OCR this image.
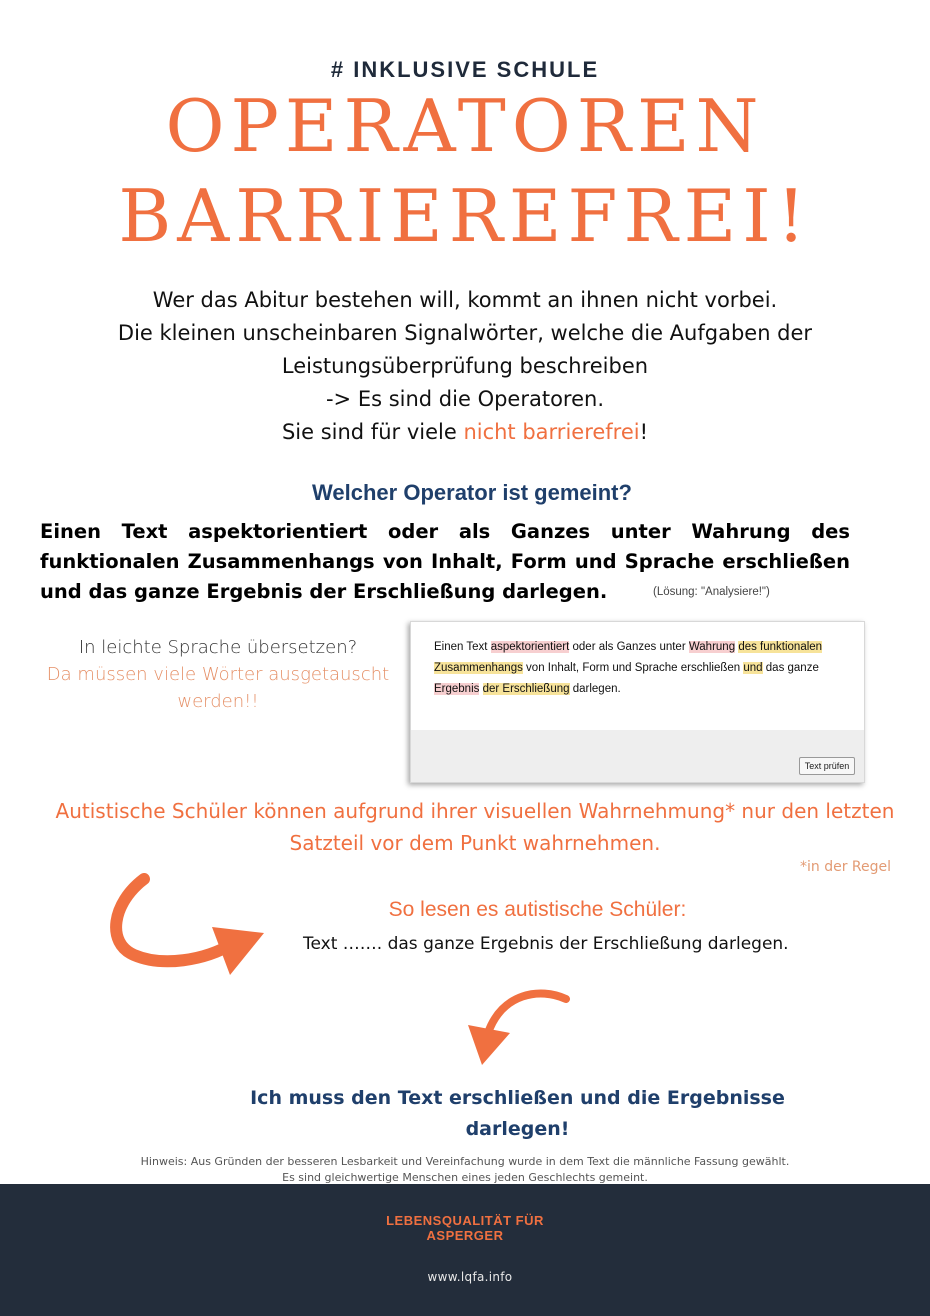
# INKLUSIVE SCHULE
OPERATOREN
BARRIEREFREI!
Wer das Abitur bestehen will, kommt an ihnen nicht vorbei.
Die kleinen unscheinbaren Signalwörter, welche die Aufgaben der
Leistungsüberprüfung beschreiben
-> Es sind die Operatoren.
Sie sind für viele nicht barrierefrei!
Welcher Operator ist gemeint?
Einen Text aspektorientiert oder als Ganzes unter Wahrung des funktionalen Zusammenhangs von Inhalt, Form und Sprache erschließen und das ganze Ergebnis der Erschließung darlegen.	(Lösung: "Analysiere!")
In leichte Sprache übersetzen?
Da müssen viele Wörter ausgetauscht werden!!
Einen Text aspektorientiert oder als Ganzes unter Wahrung des funktionalen Zusammenhangs von Inhalt, Form und Sprache erschließen und das ganze Ergebnis der Erschließung darlegen.
Text prüfen
Autistische Schüler können aufgrund ihrer visuellen Wahrnehmung* nur den letzten Satzteil vor dem Punkt wahrnehmen.
*in der Regel
So lesen es autistische Schüler:
Text ……. das ganze Ergebnis der Erschließung darlegen.
Ich muss den Text erschließen und die Ergebnisse darlegen!
Hinweis: Aus Gründen der besseren Lesbarkeit und Vereinfachung wurde in dem Text die männliche Fassung gewählt.
Es sind gleichwertige Menschen eines jeden Geschlechts gemeint.
LEBENSQUALITÄT FÜR
ASPERGER
www.lqfa.info
